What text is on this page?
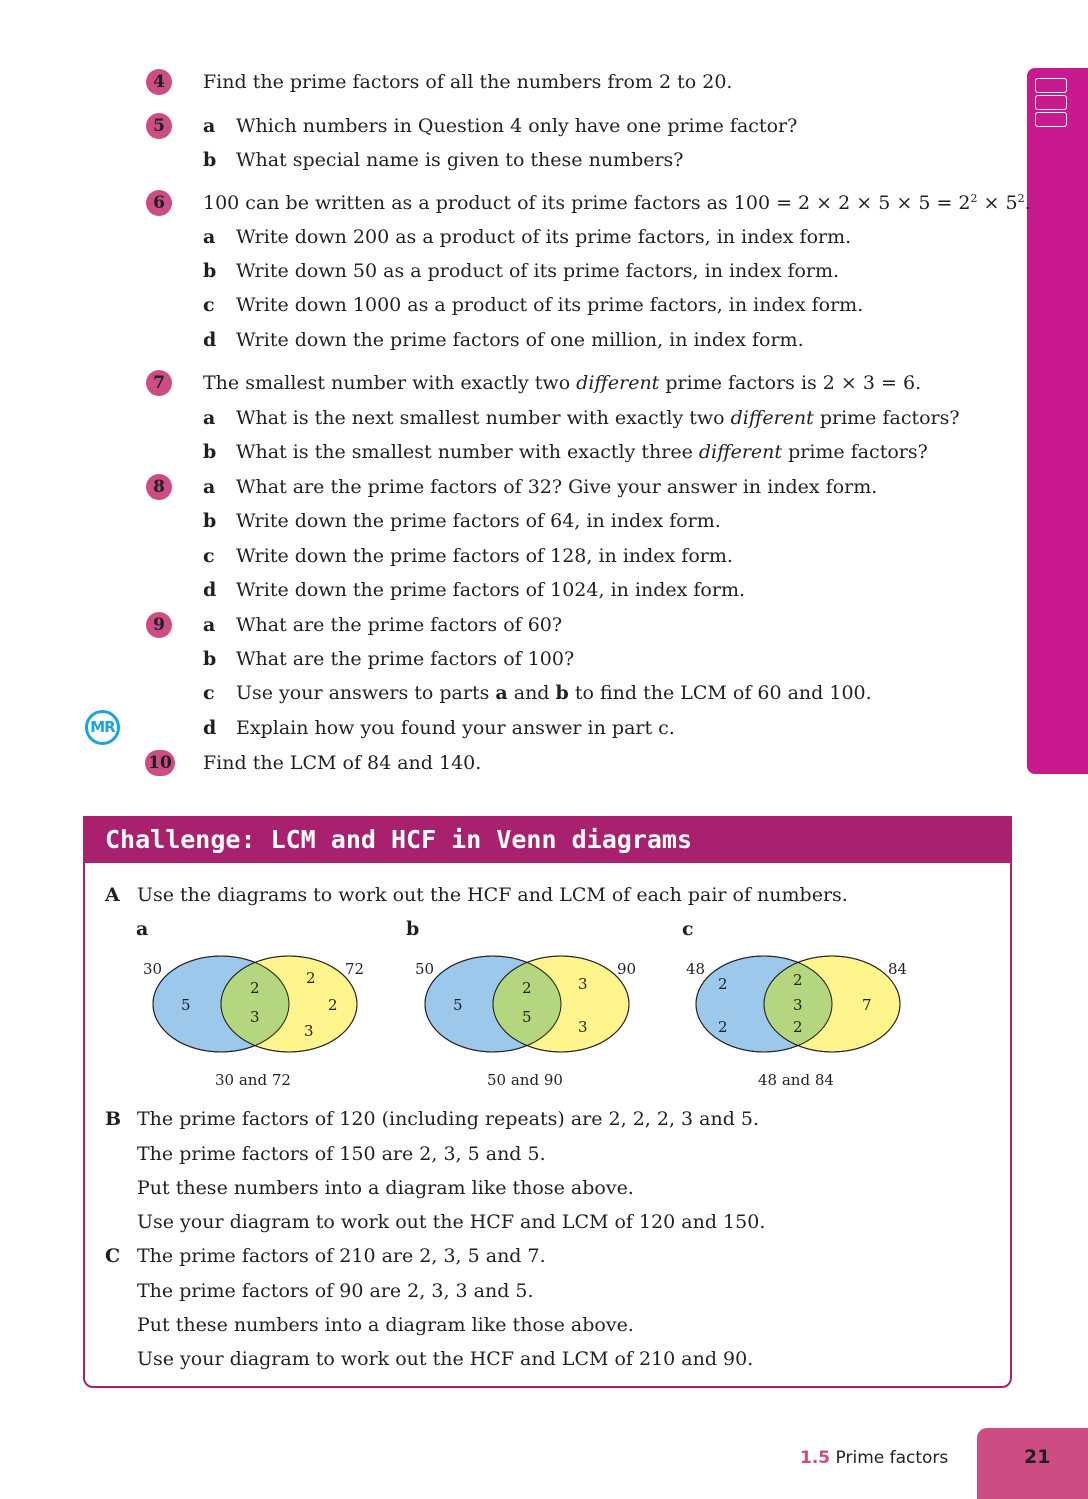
4	Find the prime factors of all the numbers from 2 to 20.
5	a Which numbers in Question 4 only have one prime factor?
b What special name is given to these numbers?
6	100 can be written as a product of its prime factors as $100 = 2 \times 2 \times 5 \times 5 = 2^2 \times 5^2$.
a Write down 200 as a product of its prime factors, in index form.
b Write down 50 as a product of its prime factors, in index form.
c Write down 1000 as a product of its prime factors, in index form.
d Write down the prime factors of one million, in index form.
7	The smallest number with exactly two different prime factors is 2 × 3 = 6.
a What is the next smallest number with exactly two different prime factors?
b What is the smallest number with exactly three different prime factors?
8	a What are the prime factors of 32? Give your answer in index form.
b Write down the prime factors of 64, in index form.
c Write down the prime factors of 128, in index form.
d Write down the prime factors of 1024, in index form.
9	a What are the prime factors of 60?
b What are the prime factors of 100?
c Use your answers to parts a and b to find the LCM of 60 and 100.
MR	d Explain how you found your answer in part c.
10 Find the LCM of 84 and 140.
Challenge: LCM and HCF in Venn diagrams
A Use the diagrams to work out the HCF and LCM of each pair of numbers.
a	b	c
30	72
5
2
3
2
2
3
30 and 72
50	90
5
2
5
3
3
50 and 90
48	84
2
2
2
3
2
7
48 and 84
B The prime factors of 120 (including repeats) are 2, 2, 2, 3 and 5.
The prime factors of 150 are 2, 3, 5 and 5.
Put these numbers into a diagram like those above.
Use your diagram to work out the HCF and LCM of 120 and 150.
C The prime factors of 210 are 2, 3, 5 and 7.
The prime factors of 90 are 2, 3, 3 and 5.
Put these numbers into a diagram like those above.
Use your diagram to work out the HCF and LCM of 210 and 90.
1.5 Prime factors	21
